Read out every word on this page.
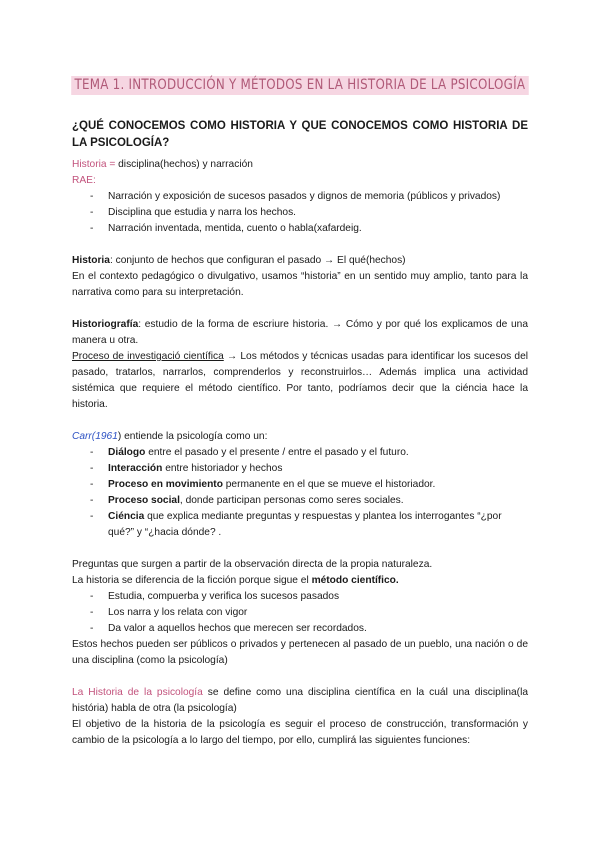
TEMA 1. INTRODUCCIÓN Y MÉTODOS EN LA HISTORIA DE LA PSICOLOGÍA
¿QUÉ CONOCEMOS COMO HISTORIA Y QUE CONOCEMOS COMO HISTORIA DE LA PSICOLOGÍA?

Historia = disciplina(hechos) y narración

RAE:

- Narración y exposición de sucesos pasados y dignos de memoria (públicos y privados)
- Disciplina que estudia y narra los hechos.
- Narración inventada, mentida, cuento o habla(xafardeig.

Historia: conjunto de hechos que configuran el pasado → El qué(hechos)

En el contexto pedagógico o divulgativo, usamos “historia” en un sentido muy amplio, tanto para la narrativa como para su interpretación.

Historiografía: estudio de la forma de escriure historia. → Cómo y por qué los explicamos de una manera u otra.

Proceso de investigació científica → Los métodos y técnicas usadas para identificar los sucesos del pasado, tratarlos, narrarlos, comprenderlos y reconstruirlos… Además implica una actividad sistémica que requiere el método científico. Por tanto, podríamos decir que la ciéncia hace la historia.

Carr(1961) entiende la psicología como un:

- Diálogo entre el pasado y el presente / entre el pasado y el futuro.
- Interacción entre historiador y hechos
- Proceso en movimiento permanente en el que se mueve el historiador.
- Proceso social, donde participan personas como seres sociales.
- Ciéncia que explica mediante preguntas y respuestas y plantea los interrogantes “¿por qué?” y “¿hacia dónde? .

Preguntas que surgen a partir de la observación directa de la propia naturaleza.

La historia se diferencia de la ficción porque sigue el método científico.

- Estudia, compuerba y verifica los sucesos pasados
- Los narra y los relata con vigor
- Da valor a aquellos hechos que merecen ser recordados.

Estos hechos pueden ser públicos o privados y pertenecen al pasado de un pueblo, una nación o de una disciplina (como la psicología)

La Historia de la psicología se define como una disciplina científica en la cuál una disciplina(la história) habla de otra (la psicología)

El objetivo de la historia de la psicología es seguir el proceso de construcción, transformación y cambio de la psicología a lo largo del tiempo, por ello, cumplirá las siguientes funciones:
